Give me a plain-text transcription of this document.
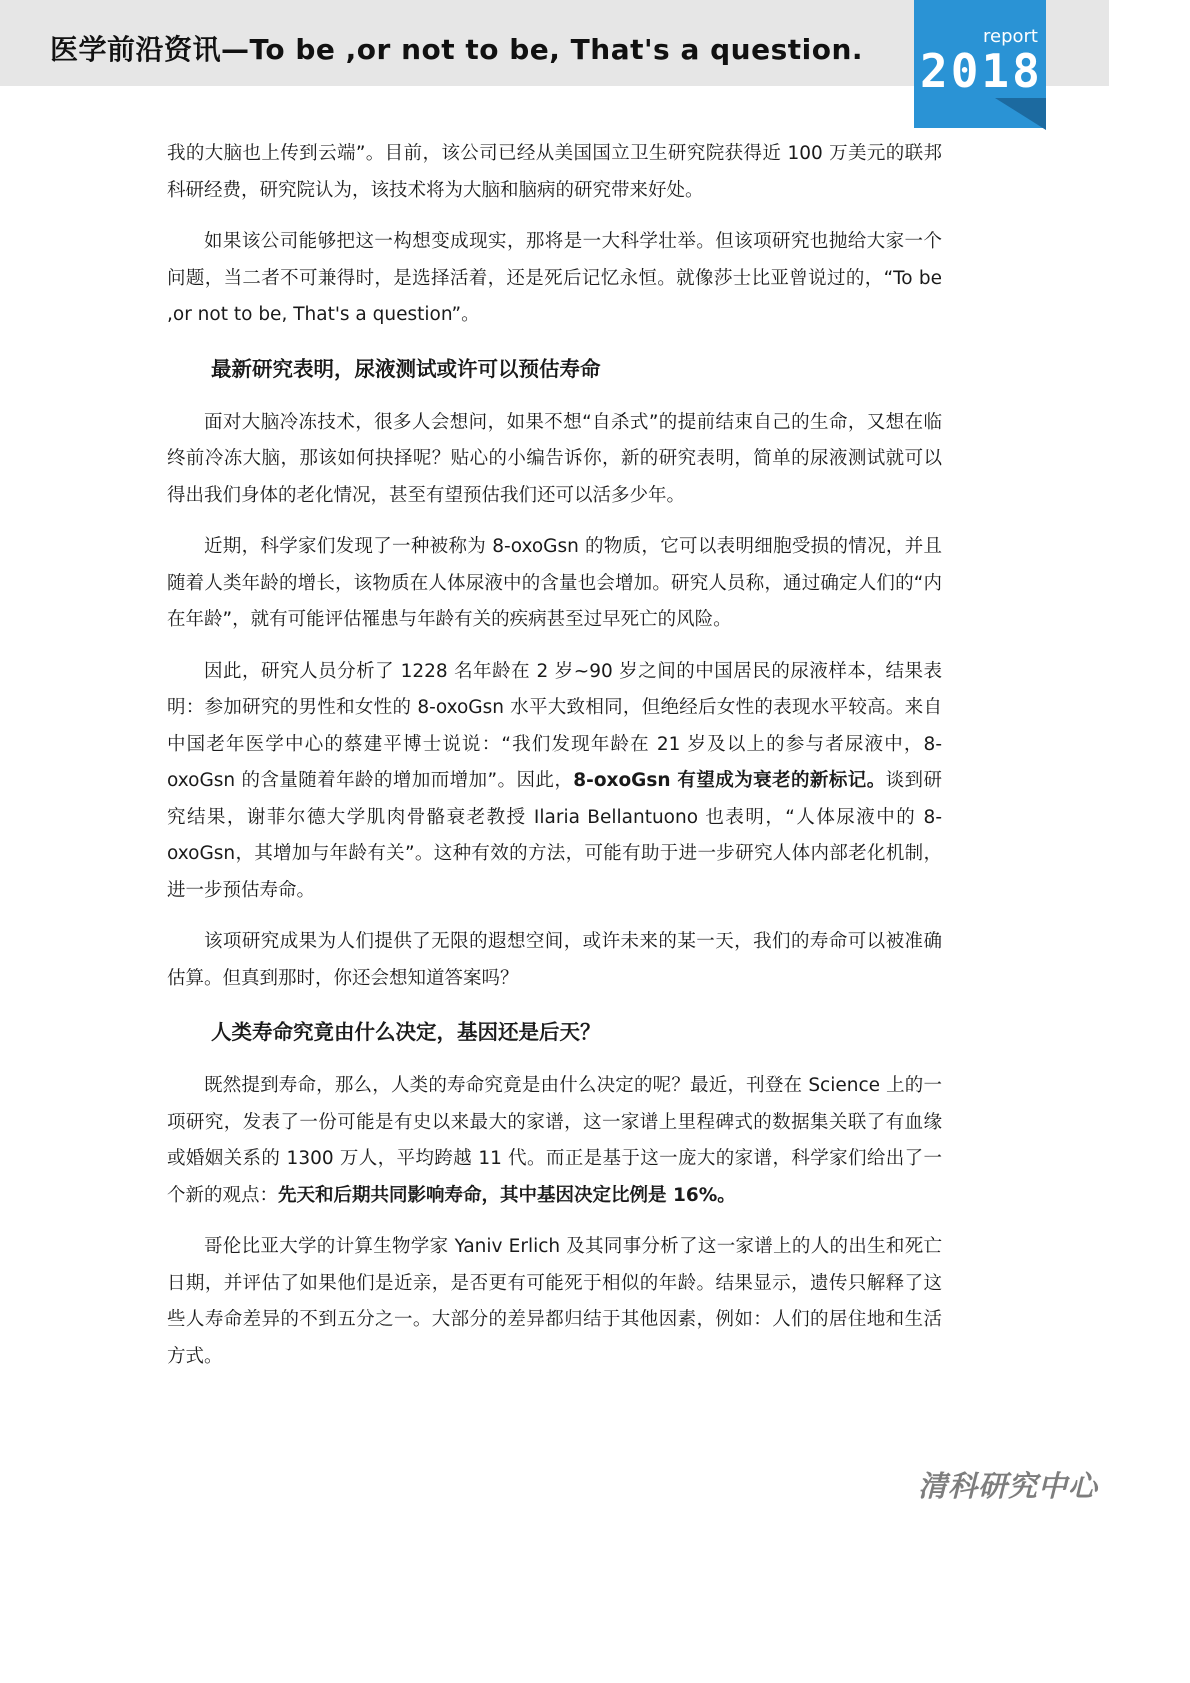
医学前沿资讯—To be ,or not to be, That's a question.	report
2018

我的大脑也上传到云端”。目前，该公司已经从美国国立卫生研究院获得近 100 万美元的联邦科研经费，研究院认为，该技术将为大脑和脑病的研究带来好处。

如果该公司能够把这一构想变成现实，那将是一大科学壮举。但该项研究也抛给大家一个问题，当二者不可兼得时，是选择活着，还是死后记忆永恒。就像莎士比亚曾说过的，“To be ,or not to be, That's a question”。

最新研究表明，尿液测试或许可以预估寿命

面对大脑冷冻技术，很多人会想问，如果不想“自杀式”的提前结束自己的生命，又想在临终前冷冻大脑，那该如何抉择呢？贴心的小编告诉你，新的研究表明，简单的尿液测试就可以得出我们身体的老化情况，甚至有望预估我们还可以活多少年。

近期，科学家们发现了一种被称为 8-oxoGsn 的物质，它可以表明细胞受损的情况，并且随着人类年龄的增长，该物质在人体尿液中的含量也会增加。研究人员称，通过确定人们的“内在年龄”，就有可能评估罹患与年龄有关的疾病甚至过早死亡的风险。

因此，研究人员分析了 1228 名年龄在 2 岁~90 岁之间的中国居民的尿液样本，结果表明：参加研究的男性和女性的 8-oxoGsn 水平大致相同，但绝经后女性的表现水平较高。来自中国老年医学中心的蔡建平博士说说：“我们发现年龄在 21 岁及以上的参与者尿液中，8-oxoGsn 的含量随着年龄的增加而增加”。因此，8-oxoGsn 有望成为衰老的新标记。谈到研究结果，谢菲尔德大学肌肉骨骼衰老教授 Ilaria Bellantuono 也表明，“人体尿液中的 8-oxoGsn，其增加与年龄有关”。这种有效的方法，可能有助于进一步研究人体内部老化机制，进一步预估寿命。

该项研究成果为人们提供了无限的遐想空间，或许未来的某一天，我们的寿命可以被准确估算。但真到那时，你还会想知道答案吗？

人类寿命究竟由什么决定，基因还是后天？

既然提到寿命，那么，人类的寿命究竟是由什么决定的呢？最近，刊登在 Science 上的一项研究，发表了一份可能是有史以来最大的家谱，这一家谱上里程碑式的数据集关联了有血缘或婚姻关系的 1300 万人，平均跨越 11 代。而正是基于这一庞大的家谱，科学家们给出了一个新的观点：先天和后期共同影响寿命，其中基因决定比例是 16%。

哥伦比亚大学的计算生物学家 Yaniv Erlich 及其同事分析了这一家谱上的人的出生和死亡日期，并评估了如果他们是近亲，是否更有可能死于相似的年龄。结果显示，遗传只解释了这些人寿命差异的不到五分之一。大部分的差异都归结于其他因素，例如：人们的居住地和生活方式。

清科研究中心
